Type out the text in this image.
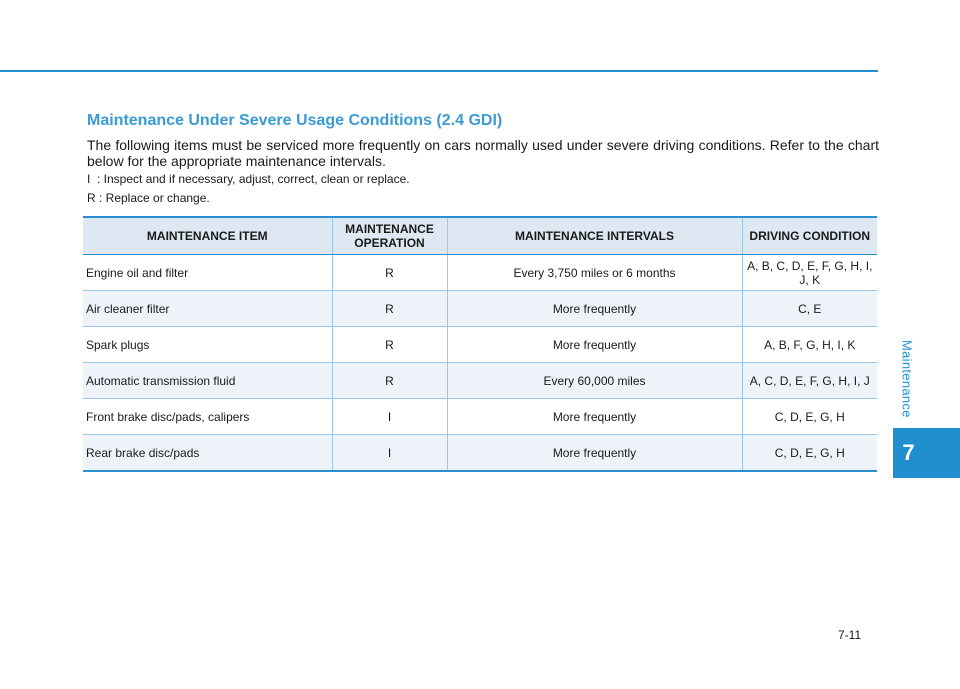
Maintenance
7
Maintenance Under Severe Usage Conditions (2.4 GDI)

The following items must be serviced more frequently on cars normally used under severe driving conditions. Refer to the chart below for the appropriate maintenance intervals.

I  : Inspect and if necessary, adjust, correct, clean or replace.

R : Replace or change.

MAINTENANCE ITEM	MAINTENANCE OPERATION	MAINTENANCE INTERVALS	DRIVING CONDITION
Engine oil and filter	R	Every 3,750 miles or 6 months	A, B, C, D, E, F, G, H, I, J, K
Air cleaner filter	R	More frequently	C, E
Spark plugs	R	More frequently	A, B, F, G, H, I, K
Automatic transmission fluid	R	Every 60,000 miles	A, C, D, E, F, G, H, I, J
Front brake disc/pads, calipers	I	More frequently	C, D, E, G, H
Rear brake disc/pads	I	More frequently	C, D, E, G, H
7-11
